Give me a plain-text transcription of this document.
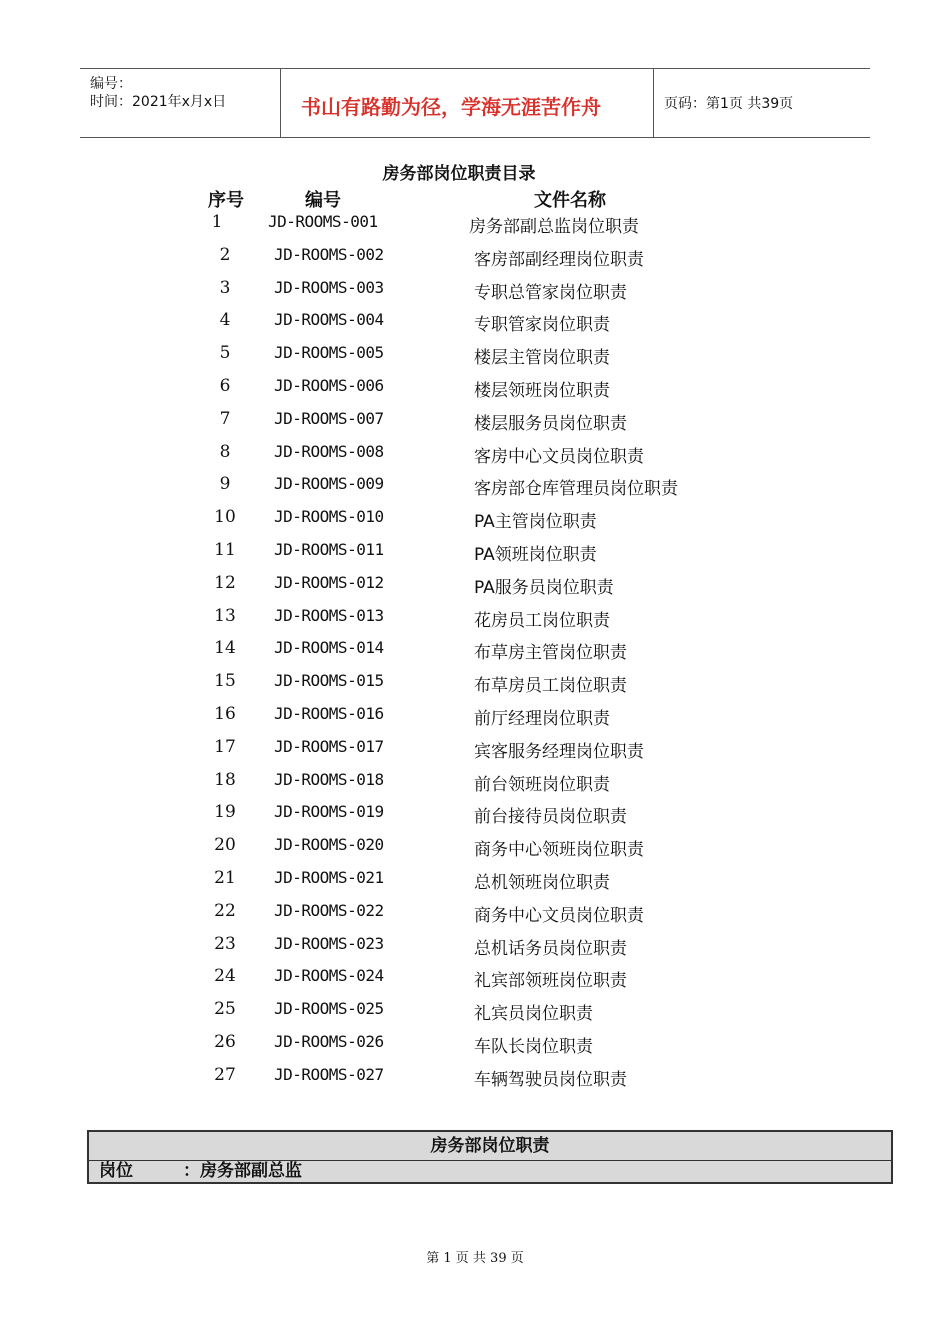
编号：
时间：2021年x月x日	书山有路勤为径，学海无涯苦作舟	页码：第1页 共39页
房务部岗位职责目录
序号	编号	文件名称
1	JD-ROOMS-001	房务部副总监岗位职责
2	JD-ROOMS-002	客房部副经理岗位职责
3	JD-ROOMS-003	专职总管家岗位职责
4	JD-ROOMS-004	专职管家岗位职责
5	JD-ROOMS-005	楼层主管岗位职责
6	JD-ROOMS-006	楼层领班岗位职责
7	JD-ROOMS-007	楼层服务员岗位职责
8	JD-ROOMS-008	客房中心文员岗位职责
9	JD-ROOMS-009	客房部仓库管理员岗位职责
10	JD-ROOMS-010	PA主管岗位职责
11	JD-ROOMS-011	PA领班岗位职责
12	JD-ROOMS-012	PA服务员岗位职责
13	JD-ROOMS-013	花房员工岗位职责
14	JD-ROOMS-014	布草房主管岗位职责
15	JD-ROOMS-015	布草房员工岗位职责
16	JD-ROOMS-016	前厅经理岗位职责
17	JD-ROOMS-017	宾客服务经理岗位职责
18	JD-ROOMS-018	前台领班岗位职责
19	JD-ROOMS-019	前台接待员岗位职责
20	JD-ROOMS-020	商务中心领班岗位职责
21	JD-ROOMS-021	总机领班岗位职责
22	JD-ROOMS-022	商务中心文员岗位职责
23	JD-ROOMS-023	总机话务员岗位职责
24	JD-ROOMS-024	礼宾部领班岗位职责
25	JD-ROOMS-025	礼宾员岗位职责
26	JD-ROOMS-026	车队长岗位职责
27	JD-ROOMS-027	车辆驾驶员岗位职责
房务部岗位职责
岗位	：房务部副总监
第 1 页 共 39 页
